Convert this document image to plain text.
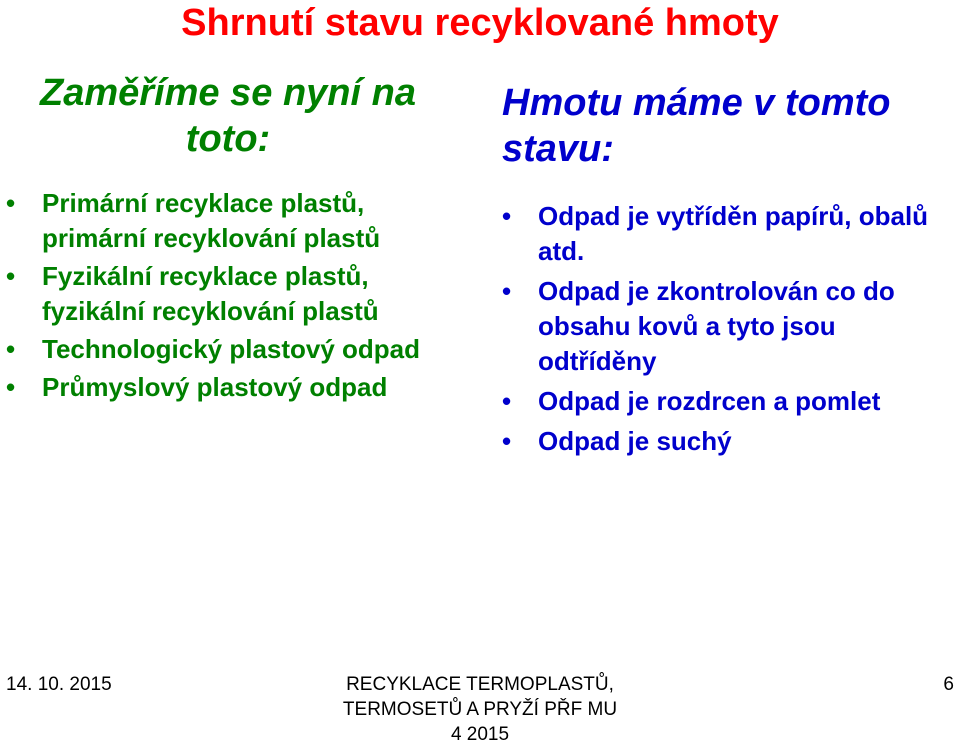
Shrnutí stavu recyklované hmoty
Zaměříme se nyní na toto:
• Primární recyklace plastů, primární recyklování plastů
• Fyzikální recyklace plastů, fyzikální recyklování plastů
• Technologický plastový odpad
• Průmyslový plastový odpad
Hmotu máme v tomto stavu:
• Odpad je vytříděn papírů, obalů atd.
• Odpad je zkontrolován co do obsahu kovů a tyto jsou odtříděny
• Odpad je rozdrcen a pomlet
• Odpad je suchý
14. 10. 2015	RECYKLACE TERMOPLASTŮ,
TERMOSETŮ A PRYŽÍ PŘF MU
4 2015
6
